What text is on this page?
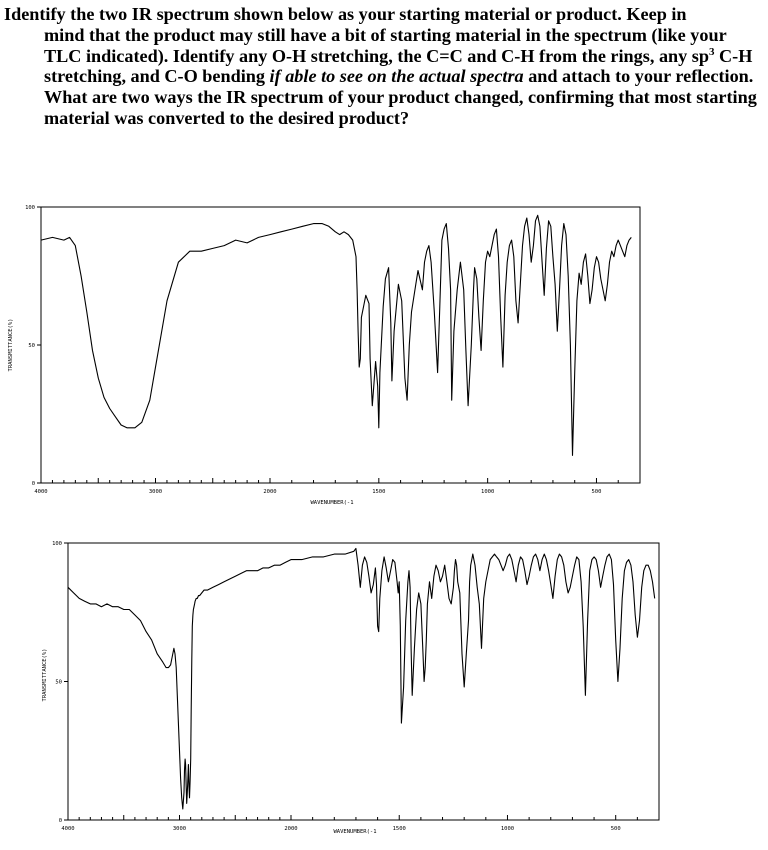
Identify the two IR spectrum shown below as your starting material or product. Keep in
mind that the product may still have a bit of starting material in the spectrum (like your TLC indicated). Identify any O-H stretching, the C=C and C-H from the rings, any $sp^3$ C-H stretching, and C-O bending if able to see on the actual spectra and attach to your reflection. What are two ways the IR spectrum of your product changed, confirming that most starting material was converted to the desired product?
TRANSMITTANCE(%)
WAVENUMBER(-1
4000	3000	2000	1500	1000	500
100
50
0
TRANSMITTANCE(%)
WAVENUMBER(-1
4000	3000	2000	1500	1000	500
100
50
0
